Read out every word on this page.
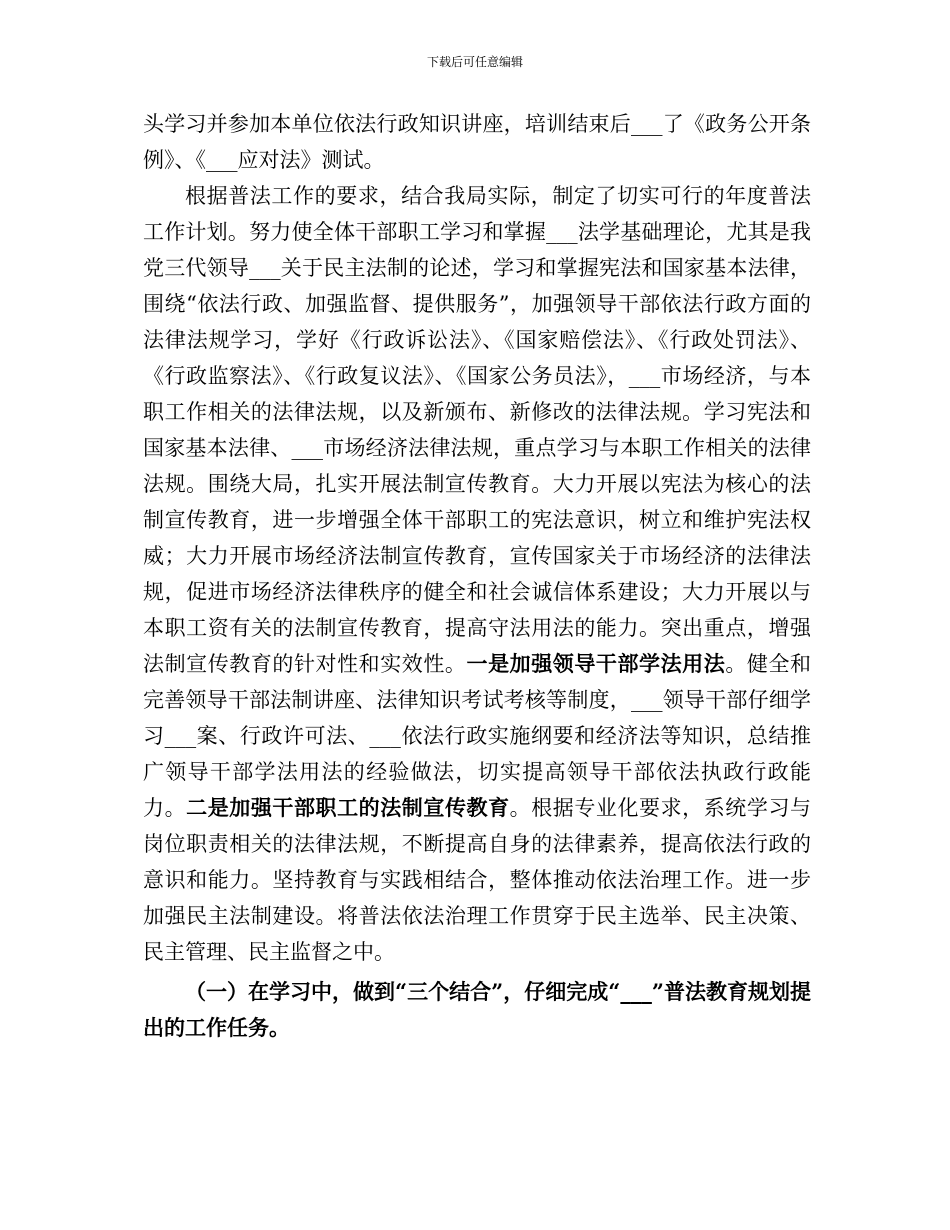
下载后可任意编辑

头学习并参加本单位依法行政知识讲座，培训结束后___了《政务公开条例》、《___应对法》测试。

根据普法工作的要求，结合我局实际，制定了切实可行的年度普法工作计划。努力使全体干部职工学习和掌握___法学基础理论，尤其是我党三代领导___关于民主法制的论述，学习和掌握宪法和国家基本法律，围绕“依法行政、加强监督、提供服务”，加强领导干部依法行政方面的法律法规学习，学好《行政诉讼法》、《国家赔偿法》、《行政处罚法》、《行政监察法》、《行政复议法》、《国家公务员法》，___市场经济，与本职工作相关的法律法规，以及新颁布、新修改的法律法规。学习宪法和国家基本法律、___市场经济法律法规，重点学习与本职工作相关的法律法规。围绕大局，扎实开展法制宣传教育。大力开展以宪法为核心的法制宣传教育，进一步增强全体干部职工的宪法意识，树立和维护宪法权威；大力开展市场经济法制宣传教育，宣传国家关于市场经济的法律法规，促进市场经济法律秩序的健全和社会诚信体系建设；大力开展以与本职工资有关的法制宣传教育，提高守法用法的能力。突出重点，增强法制宣传教育的针对性和实效性。一是加强领导干部学法用法。健全和完善领导干部法制讲座、法律知识考试考核等制度，___领导干部仔细学习___案、行政许可法、___依法行政实施纲要和经济法等知识，总结推广领导干部学法用法的经验做法，切实提高领导干部依法执政行政能力。二是加强干部职工的法制宣传教育。根据专业化要求，系统学习与岗位职责相关的法律法规，不断提高自身的法律素养，提高依法行政的意识和能力。坚持教育与实践相结合，整体推动依法治理工作。进一步加强民主法制建设。将普法依法治理工作贯穿于民主选举、民主决策、民主管理、民主监督之中。

（一）在学习中，做到“三个结合”，仔细完成“___”普法教育规划提出的工作任务。
